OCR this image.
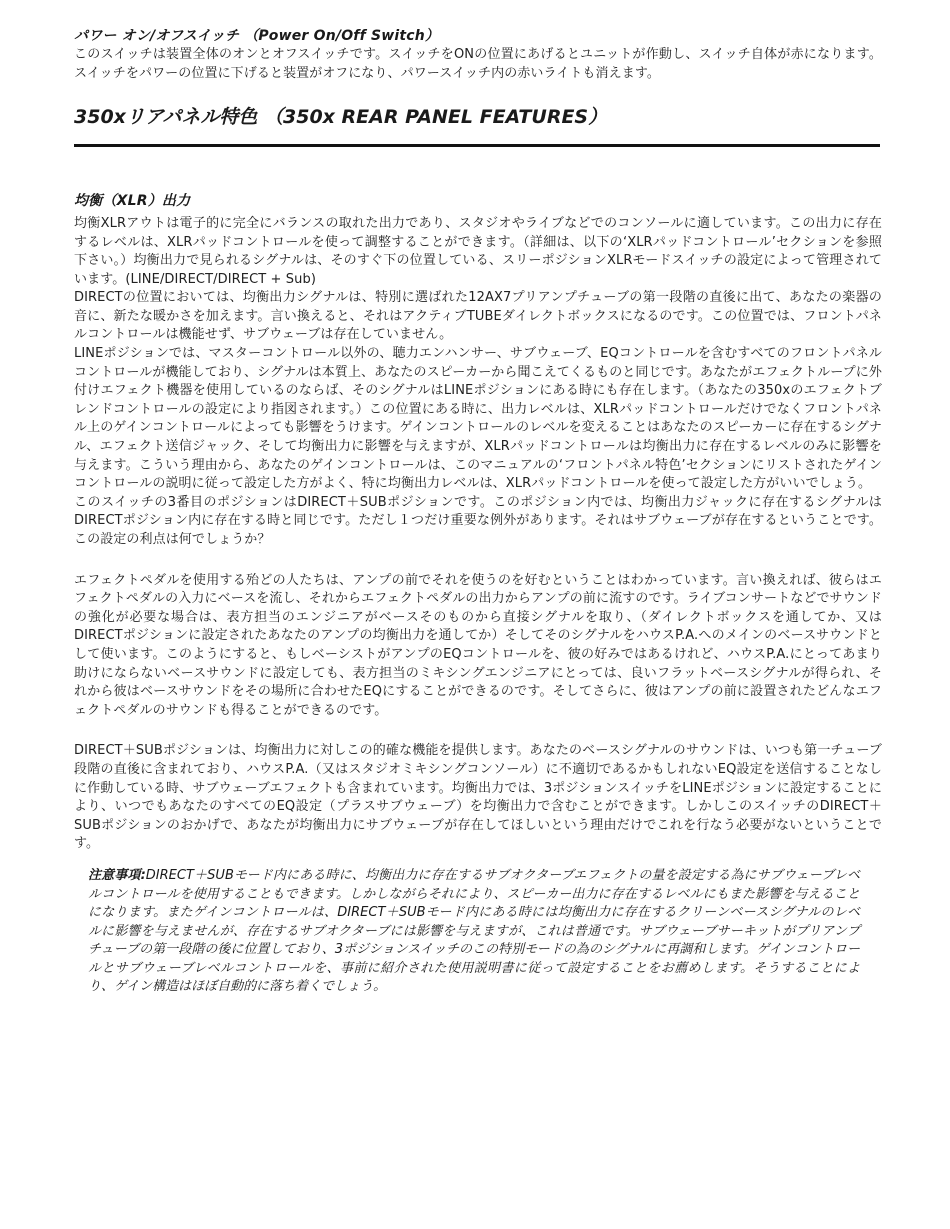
パワー オン/オフスイッチ （Power On/Off Switch）

このスイッチは装置全体のオンとオフスイッチです。スイッチをONの位置にあげるとユニットが作動し、スイッチ自体が赤になります。スイッチをパワーの位置に下げると装置がオフになり、パワースイッチ内の赤いライトも消えます。

350xリアパネル特色 （350x REAR PANEL FEATURES）
均衡（XLR）出力

均衡XLRアウトは電子的に完全にバランスの取れた出力であり、スタジオやライブなどでのコンソールに適しています。この出力に存在するレベルは、XLRパッドコントロールを使って調整することができます。（詳細は、以下の‘XLRパッドコントロール’セクションを参照下さい。）均衡出力で見られるシグナルは、そのすぐ下の位置している、スリーポジションXLRモードスイッチの設定によって管理されています。(LINE/DIRECT/DIRECT + Sub)

DIRECTの位置においては、均衡出力シグナルは、特別に選ばれた12AX7プリアンプチューブの第一段階の直後に出て、あなたの楽器の音に、新たな暖かさを加えます。言い換えると、それはアクティブTUBEダイレクトボックスになるのです。この位置では、フロントパネルコントロールは機能せず、サブウェーブは存在していません。

LINEポジションでは、マスターコントロール以外の、聴力エンハンサー、サブウェーブ、EQコントロールを含むすべてのフロントパネルコントロールが機能しており、シグナルは本質上、あなたのスピーカーから聞こえてくるものと同じです。あなたがエフェクトループに外付けエフェクト機器を使用しているのならば、そのシグナルはLINEポジションにある時にも存在します。（あなたの350xのエフェクトブレンドコントロールの設定により指図されます。）この位置にある時に、出力レベルは、XLRパッドコントロールだけでなくフロントパネル上のゲインコントロールによっても影響をうけます。ゲインコントロールのレベルを変えることはあなたのスピーカーに存在するシグナル、エフェクト送信ジャック、そして均衡出力に影響を与えますが、XLRパッドコントロールは均衡出力に存在するレベルのみに影響を与えます。こういう理由から、あなたのゲインコントロールは、このマニュアルの‘フロントパネル特色’セクションにリストされたゲインコントロールの説明に従って設定した方がよく、特に均衡出力レベルは、XLRパッドコントロールを使って設定した方がいいでしょう。

このスイッチの3番目のポジションはDIRECT＋SUBポジションです。このポジション内では、均衡出力ジャックに存在するシグナルはDIRECTポジション内に存在する時と同じです。ただし１つだけ重要な例外があります。それはサブウェーブが存在するということです。この設定の利点は何でしょうか？

エフェクトペダルを使用する殆どの人たちは、アンプの前でそれを使うのを好むということはわかっています。言い換えれば、彼らはエフェクトペダルの入力にベースを流し、それからエフェクトペダルの出力からアンプの前に流すのです。ライブコンサートなどでサウンドの強化が必要な場合は、表方担当のエンジニアがベースそのものから直接シグナルを取り、（ダイレクトボックスを通してか、又はDIRECTポジションに設定されたあなたのアンプの均衡出力を通してか）そしてそのシグナルをハウスP.A.へのメインのベースサウンドとして使います。このようにすると、もしベーシストがアンプのEQコントロールを、彼の好みではあるけれど、ハウスP.A.にとってあまり助けにならないベースサウンドに設定しても、表方担当のミキシングエンジニアにとっては、良いフラットベースシグナルが得られ、それから彼はベースサウンドをその場所に合わせたEQにすることができるのです。そしてさらに、彼はアンプの前に設置されたどんなエフェクトペダルのサウンドも得ることができるのです。

DIRECT＋SUBポジションは、均衡出力に対しこの的確な機能を提供します。あなたのベースシグナルのサウンドは、いつも第一チューブ段階の直後に含まれており、ハウスP.A.（又はスタジオミキシングコンソール）に不適切であるかもしれないEQ設定を送信することなしに作動している時、サブウェーブエフェクトも含まれています。均衡出力では、3ポジションスイッチをLINEポジションに設定することにより、いつでもあなたのすべてのEQ設定（プラスサブウェーブ）を均衡出力で含むことができます。しかしこのスイッチのDIRECT＋SUBポジションのおかげで、あなたが均衡出力にサブウェーブが存在してほしいという理由だけでこれを行なう必要がないということです。

注意事項:DIRECT＋SUBモード内にある時に、均衡出力に存在するサブオクターブエフェクトの量を設定する為にサブウェーブレベルコントロールを使用することもできます。しかしながらそれにより、スピーカー出力に存在するレベルにもまた影響を与えることになります。またゲインコントロールは、DIRECT＋SUBモード内にある時には均衡出力に存在するクリーンベースシグナルのレベルに影響を与えませんが、存在するサブオクターブには影響を与えますが、これは普通です。サブウェーブサーキットがプリアンプチューブの第一段階の後に位置しており、3ポジションスイッチのこの特別モードの為のシグナルに再調和します。ゲインコントロールとサブウェーブレベルコントロールを、事前に紹介された使用説明書に従って設定することをお薦めします。そうすることにより、ゲイン構造はほぼ自動的に落ち着くでしょう。
